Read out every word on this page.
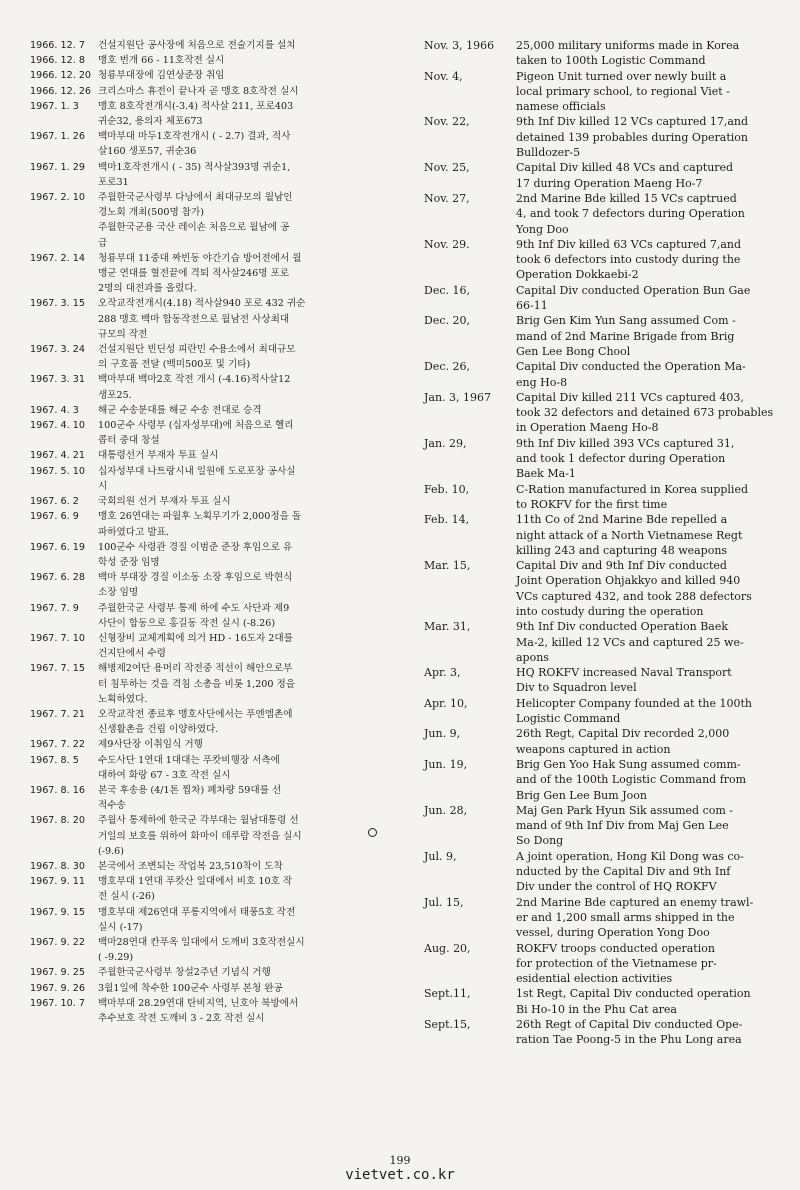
1966. 12. 7	건설지원단 공사장에 처음으로 전술기지를 설치
1966. 12. 8	맹호 번개 66 - 11호작전 실시
1966. 12. 20 청룡부대장에 김연상준장 취임
1966. 12. 26 크리스마스 휴전이 끝나자 곧 맹호 8호작전 실시
1967. 1. 3	맹호 8호작전개시(-3.4) 적사살 211, 포로403
귀순32, 용의자 체포673
1967. 1. 26	백마부대 마두1호작전개시 ( - 2.7) 결과, 적사
살160 생포57, 귀순36
1967. 1. 29	백마1호작전개시 ( - 35) 적사살393명 귀순1,
포로31
1967. 2. 10	주월한국군사령부 다낭에서 최대규모의 월남인
경노회 개최(500명 참가)
주월한국군용 국산 레이숀 처음으로 월남에 공
급
1967. 2. 14	청룡부대 11중대 짜빈동 야간기습 방어전에서 월
맹군 연대를 혈전끝에 격퇴 적사살246명 포로
2명의 대전과를 올렸다.
1967. 3. 15	오작교작전개시(4.18) 적사살940 포로 432 귀순
288 맹호 백마 합동작전으로 월남전 사상최대
규모의 작전
1967. 3. 24	건설지원단 빈딘성 피란민 수용소에서 최대규모
의 구호품 전달 (백미500포 및 기타)
1967. 3. 31	백마부대 백마2호 작전 개시 (-4.16)적사살12
생포25.
1967. 4. 3	해군 수송분대를 해군 수송 전대로 승격
1967. 4. 10	100군수 사령부 (십자성부대)에 처음으로 헬리
콥터 중대 창설
1967. 4. 21	대통령선거 부재자 투표 실시
1967. 5. 10	십자성부대 나트랑시내 일원에 도로포장 공사실
시
1967. 6. 2	국회의원 선거 부재자 투표 실시
1967. 6. 9	맹호 26연대는 파월후 노획무기가 2,000정을 돌
파하였다고 발표.
1967. 6. 19	100군수 사령관 경질 이범준 준장 후임으로 유
학성 준장 임명
1967. 6. 28	백마 부대장 경질 이소동 소장 후임으로 박현식
소장 임명
1967. 7. 9	주월한국군 사령부 통제 하에 수도 사단과 제9
사단이 합동으로 홍길동 작전 실시 (-8.26)
1967. 7. 10	신형장비 교체계획에 의거 HD - 16도자 2대를
건지단에서 수령
1967. 7. 15	해병제2여단 용머리 작전중 적선이 해안으로부
터 침투하는 것을 격침 소총을 비롯 1,200 정을
노획하였다.
1967. 7. 21	오작교작전 종료후 맹호사단에서는 푸엔엠촌에
신생활촌을 건립 이양하였다.
1967. 7. 22	제9사단장 이취임식 거행
1967. 8. 5	수도사단 1연대 1대대는 푸캇비행장 서측에
대하여 화랑 67 - 3호 작전 실시
1967. 8. 16	본국 후송용 (4/1톤 찝차) 폐차량 59대를 선
적수송
1967. 8. 20	주월사 통제하에 한국군 각부대는 월남대통령 선
거일의 보호를 위하여 화마이 데루람 작전을 실시
(-9.6)
1967. 8. 30	본국에서 조변되는 작업복 23,510착이 도착
1967. 9. 11	맹호부대 1연대 푸캇산 일대에서 비호 10호 작
전 실시 (-26)
1967. 9. 15	맹호부대 제26연대 푸롱지역에서 태풍5호 작전
실시 (-17)
1967. 9. 22	백마28연대 칸푸옥 일대에서 도깨비 3호작전실시
( -9.29)
1967. 9. 25	주월한국군사령부 창설2주년 기념식 거행
1967. 9. 26	3월1일에 착수한 100군수 사령부 본청 완공
1967. 10. 7	백마부대 28.29연대 탄비지역, 닌호아 북방에서
추수보호 작전 도깨비 3 - 2호 작전 실시
Nov. 3, 1966	25,000 military uniforms made in Korea
taken to 100th Logistic Command
Nov. 4,	Pigeon Unit turned over newly built a
local primary school, to regional Viet -
namese officials
Nov. 22,	9th Inf Div killed 12 VCs captured 17,and
detained 139 probables during Operation
Bulldozer-5
Nov. 25,	Capital Div killed 48 VCs and captured
17 during Operation Maeng Ho-7
Nov. 27,	2nd Marine Bde killed 15 VCs captrued
4, and took 7 defectors during Operation
Yong Doo
Nov. 29.	9th Inf Div killed 63 VCs captured 7,and
took 6 defectors into custody during the
Operation Dokkaebi-2
Dec. 16,	Capital Div conducted Operation Bun Gae
66-11
Dec. 20,	Brig Gen Kim Yun Sang assumed Com -
mand of 2nd Marine Brigade from Brig
Gen Lee Bong Chool
Dec. 26,	Capital Div conducted the Operation Ma-
eng Ho-8
Jan. 3, 1967	Capital Div killed 211 VCs captured 403,
took 32 defectors and detained 673 probables
in Operation Maeng Ho-8
Jan. 29,	9th Inf Div killed 393 VCs captured 31,
and took 1 defector during Operation
Baek Ma-1
Feb. 10,	C-Ration manufactured in Korea supplied
to ROKFV for the first time
Feb. 14,	11th Co of 2nd Marine Bde repelled a
night attack of a North Vietnamese Regt
killing 243 and capturing 48 weapons
Mar. 15,	Capital Div and 9th Inf Div conducted
Joint Operation Ohjakkyo and killed 940
VCs captured 432, and took 288 defectors
into costudy during the operation
Mar. 31,	9th Inf Div conducted Operation Baek
Ma-2, killed 12 VCs and captured 25 we-
apons
Apr. 3,	HQ ROKFV increased Naval Transport
Div to Squadron level
Apr. 10,	Helicopter Company founded at the 100th
Logistic Command
Jun. 9,	26th Regt, Capital Div recorded 2,000
weapons captured in action
Jun. 19,	Brig Gen Yoo Hak Sung assumed comm-
and of the 100th Logistic Command from
Brig Gen Lee Bum Joon
Jun. 28,	Maj Gen Park Hyun Sik assumed com -
mand of 9th Inf Div from Maj Gen Lee
So Dong
Jul. 9,	A joint operation, Hong Kil Dong was co-
nducted by the Capital Div and 9th Inf
Div under the control of HQ ROKFV
Jul. 15,	2nd Marine Bde captured an enemy trawl-
er and 1,200 small arms shipped in the
vessel, during Operation Yong Doo
Aug. 20,	ROKFV troops conducted operation
for protection of the Vietnamese pr-
esidential election activities
Sept.11,	1st Regt, Capital Div conducted operation
Bi Ho-10 in the Phu Cat area
Sept.15,	26th Regt of Capital Div conducted Ope-
ration Tae Poong-5 in the Phu Long area
199
vietvet.co.kr
